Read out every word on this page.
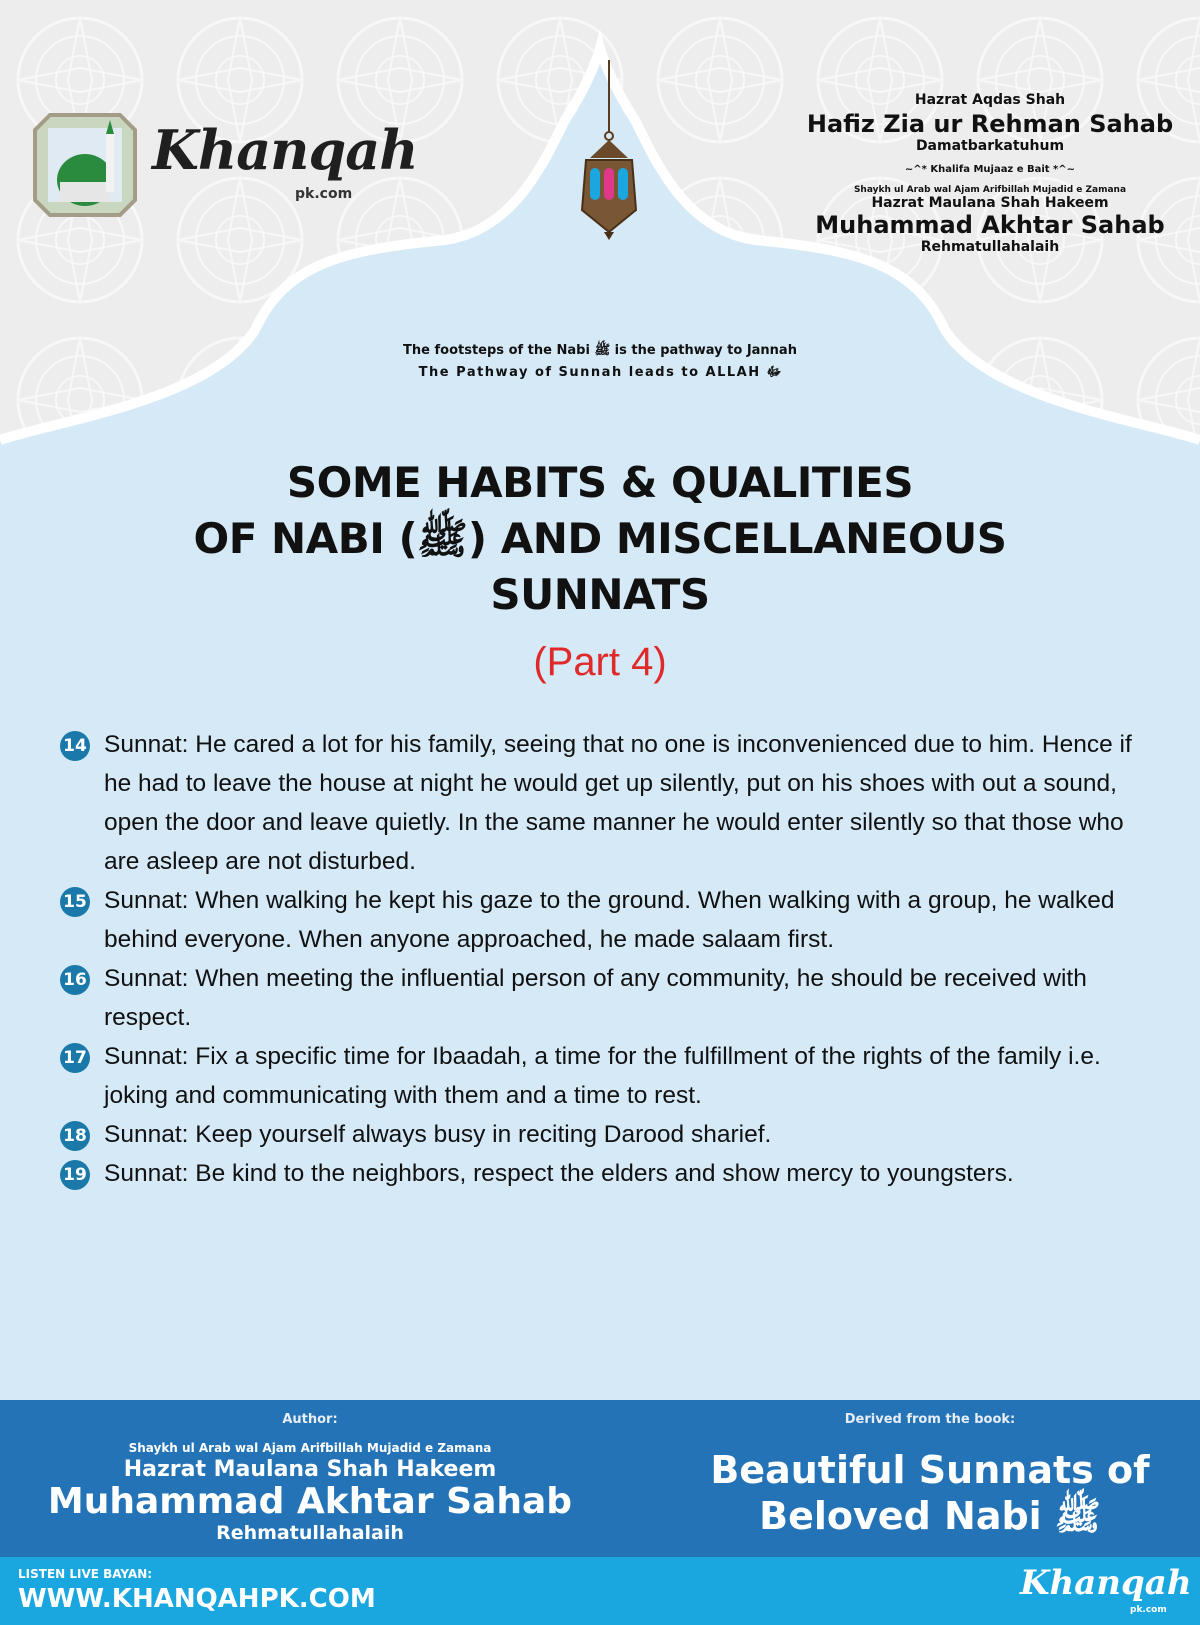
Khanqah
pk.com
Hazrat Aqdas Shah
Hafiz Zia ur Rehman Sahab
Damatbarkatuhum
~^* Khalifa Mujaaz e Bait *^~
Shaykh ul Arab wal Ajam Arifbillah Mujadid e Zamana
Hazrat Maulana Shah Hakeem
Muhammad Akhtar Sahab
Rehmatullahalaih
The footsteps of the Nabi ﷺ is the pathway to Jannah
The Pathway of Sunnah leads to ALLAH ﷻ
SOME HABITS & QUALITIES
OF NABI (ﷺ) AND MISCELLANEOUS
SUNNATS
(Part 4)
14 Sunnat: He cared a lot for his family, seeing that no one is inconvenienced due to him. Hence if he had to leave the house at night he would get up silently, put on his shoes with out a sound, open the door and leave quietly. In the same manner he would enter silently so that those who are asleep are not disturbed.
15 Sunnat: When walking he kept his gaze to the ground. When walking with a group, he walked behind everyone. When anyone approached, he made salaam first.
16 Sunnat: When meeting the influential person of any community, he should be received with respect.
17 Sunnat: Fix a specific time for Ibaadah, a time for the fulfillment of the rights of the family i.e. joking and communicating with them and a time to rest.
18 Sunnat: Keep yourself always busy in reciting Darood sharief.
19 Sunnat: Be kind to the neighbors, respect the elders and show mercy to youngsters.
Author:
Shaykh ul Arab wal Ajam Arifbillah Mujadid e Zamana
Hazrat Maulana Shah Hakeem
Muhammad Akhtar Sahab
Rehmatullahalaih
Derived from the book:
Beautiful Sunnats of
Beloved Nabi ﷺ
LISTEN LIVE BAYAN:
WWW.KHANQAHPK.COM	Khanqah
pk.com
